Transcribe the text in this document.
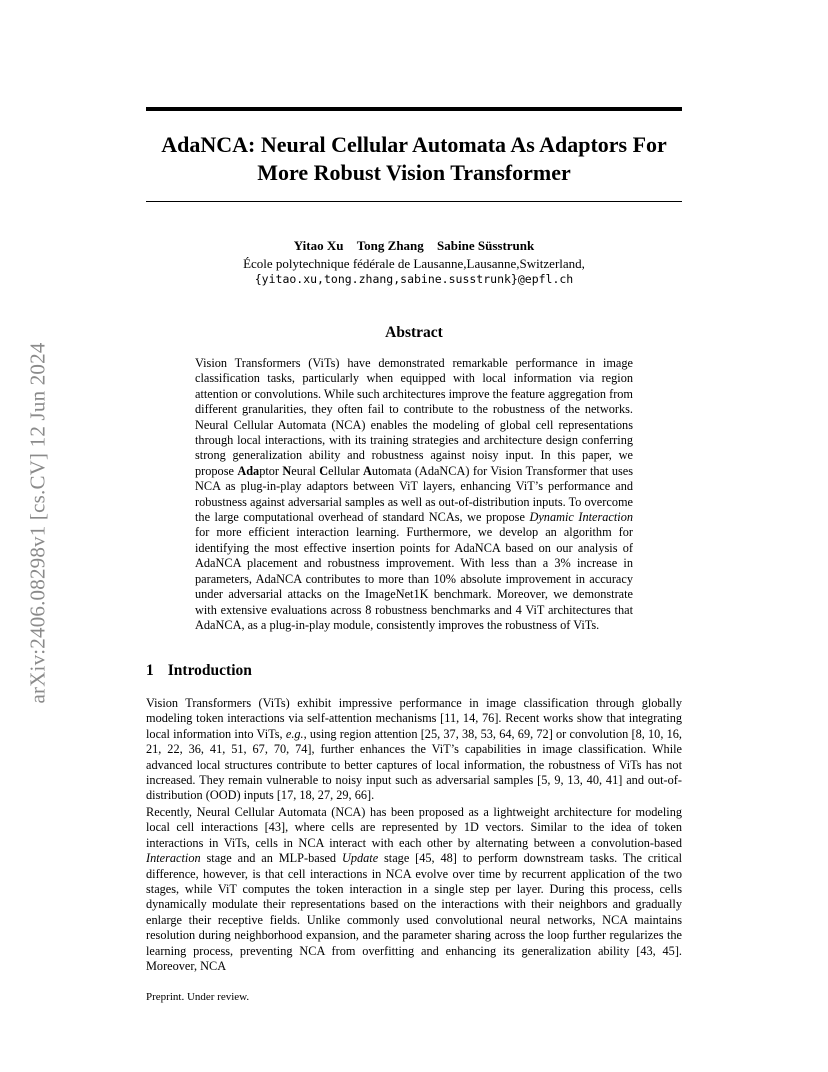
arXiv:2406.08298v1 [cs.CV] 12 Jun 2024
AdaNCA: Neural Cellular Automata As Adaptors For
More Robust Vision Transformer
Yitao Xu Tong Zhang Sabine Süsstrunk
École polytechnique fédérale de Lausanne,Lausanne,Switzerland,
{yitao.xu,tong.zhang,sabine.susstrunk}@epfl.ch
Abstract
Vision Transformers (ViTs) have demonstrated remarkable performance in image classification tasks, particularly when equipped with local information via region attention or convolutions. While such architectures improve the feature aggregation from different granularities, they often fail to contribute to the robustness of the networks. Neural Cellular Automata (NCA) enables the modeling of global cell representations through local interactions, with its training strategies and architecture design conferring strong generalization ability and robustness against noisy input. In this paper, we propose Adaptor Neural Cellular Automata (AdaNCA) for Vision Transformer that uses NCA as plug-in-play adaptors between ViT layers, enhancing ViT’s performance and robustness against adversarial samples as well as out-of-distribution inputs. To overcome the large computational overhead of standard NCAs, we propose Dynamic Interaction for more efficient interaction learning. Furthermore, we develop an algorithm for identifying the most effective insertion points for AdaNCA based on our analysis of AdaNCA placement and robustness improvement. With less than a 3% increase in parameters, AdaNCA contributes to more than 10% absolute improvement in accuracy under adversarial attacks on the ImageNet1K benchmark. Moreover, we demonstrate with extensive evaluations across 8 robustness benchmarks and 4 ViT architectures that AdaNCA, as a plug-in-play module, consistently improves the robustness of ViTs.
1 Introduction
Vision Transformers (ViTs) exhibit impressive performance in image classification through globally modeling token interactions via self-attention mechanisms [11, 14, 76]. Recent works show that integrating local information into ViTs, e.g., using region attention [25, 37, 38, 53, 64, 69, 72] or convolution [8, 10, 16, 21, 22, 36, 41, 51, 67, 70, 74], further enhances the ViT’s capabilities in image classification. While advanced local structures contribute to better captures of local information, the robustness of ViTs has not increased. They remain vulnerable to noisy input such as adversarial samples [5, 9, 13, 40, 41] and out-of-distribution (OOD) inputs [17, 18, 27, 29, 66].
Recently, Neural Cellular Automata (NCA) has been proposed as a lightweight architecture for modeling local cell interactions [43], where cells are represented by 1D vectors. Similar to the idea of token interactions in ViTs, cells in NCA interact with each other by alternating between a convolution-based Interaction stage and an MLP-based Update stage [45, 48] to perform downstream tasks. The critical difference, however, is that cell interactions in NCA evolve over time by recurrent application of the two stages, while ViT computes the token interaction in a single step per layer. During this process, cells dynamically modulate their representations based on the interactions with their neighbors and gradually enlarge their receptive fields. Unlike commonly used convolutional neural networks, NCA maintains resolution during neighborhood expansion, and the parameter sharing across the loop further regularizes the learning process, preventing NCA from overfitting and enhancing its generalization ability [43, 45]. Moreover, NCA
Preprint. Under review.
